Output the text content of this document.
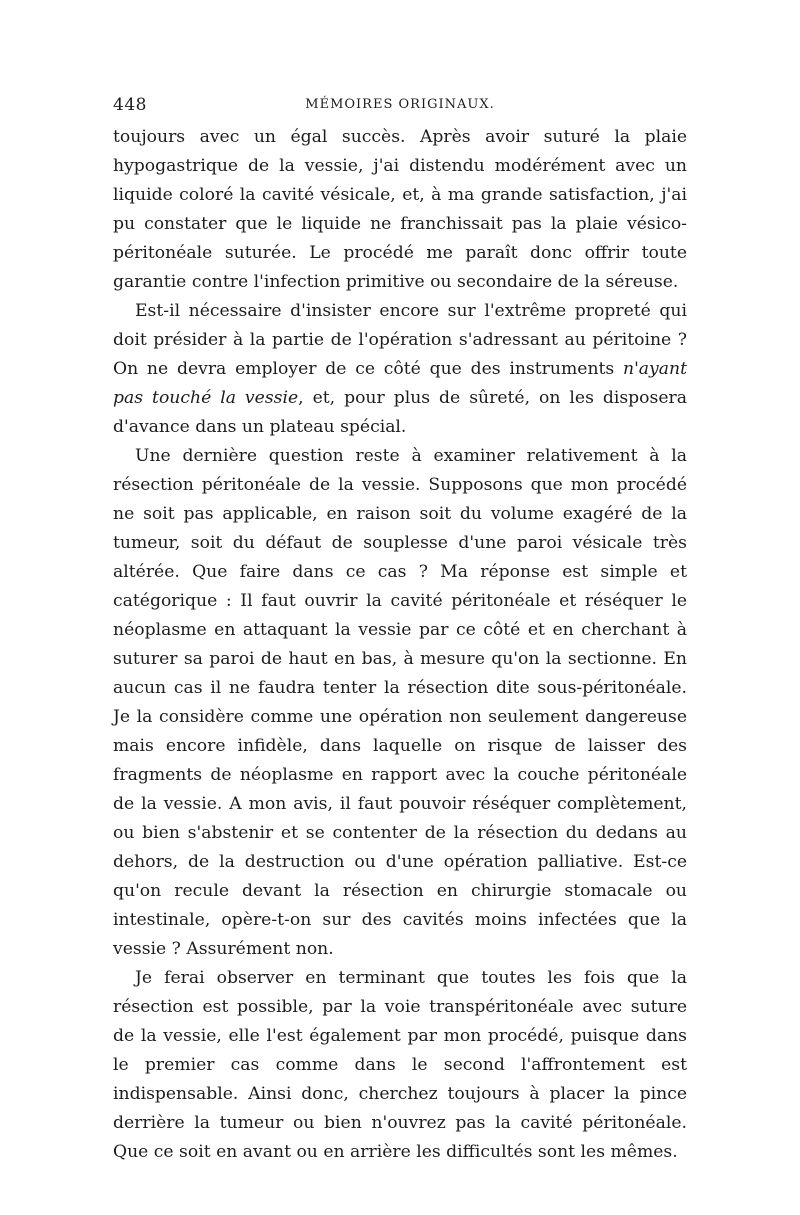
448	MÉMOIRES ORIGINAUX.

toujours avec un égal succès. Après avoir suturé la plaie hypogastrique de la vessie, j'ai distendu modérément avec un liquide coloré la cavité vésicale, et, à ma grande satisfaction, j'ai pu constater que le liquide ne franchissait pas la plaie vésico-péritonéale suturée. Le procédé me paraît donc offrir toute garantie contre l'infection primitive ou secondaire de la séreuse.

Est-il nécessaire d'insister encore sur l'extrême propreté qui doit présider à la partie de l'opération s'adressant au péritoine ? On ne devra employer de ce côté que des instruments n'ayant pas touché la vessie, et, pour plus de sûreté, on les disposera d'avance dans un plateau spécial.

Une dernière question reste à examiner relativement à la résection péritonéale de la vessie. Supposons que mon procédé ne soit pas applicable, en raison soit du volume exagéré de la tumeur, soit du défaut de souplesse d'une paroi vésicale très altérée. Que faire dans ce cas ? Ma réponse est simple et catégorique : Il faut ouvrir la cavité péritonéale et réséquer le néoplasme en attaquant la vessie par ce côté et en cherchant à suturer sa paroi de haut en bas, à mesure qu'on la sectionne. En aucun cas il ne faudra tenter la résection dite sous-péritonéale. Je la considère comme une opération non seulement dangereuse mais encore infidèle, dans laquelle on risque de laisser des fragments de néoplasme en rapport avec la couche péritonéale de la vessie. A mon avis, il faut pouvoir réséquer complètement, ou bien s'abstenir et se contenter de la résection du dedans au dehors, de la destruction ou d'une opération palliative. Est-ce qu'on recule devant la résection en chirurgie stomacale ou intestinale, opère-t-on sur des cavités moins infectées que la vessie ? Assurément non.

Je ferai observer en terminant que toutes les fois que la résection est possible, par la voie transpéritonéale avec suture de la vessie, elle l'est également par mon procédé, puisque dans le premier cas comme dans le second l'affrontement est indispensable. Ainsi donc, cherchez toujours à placer la pince derrière la tumeur ou bien n'ouvrez pas la cavité péritonéale. Que ce soit en avant ou en arrière les difficultés sont les mêmes.
